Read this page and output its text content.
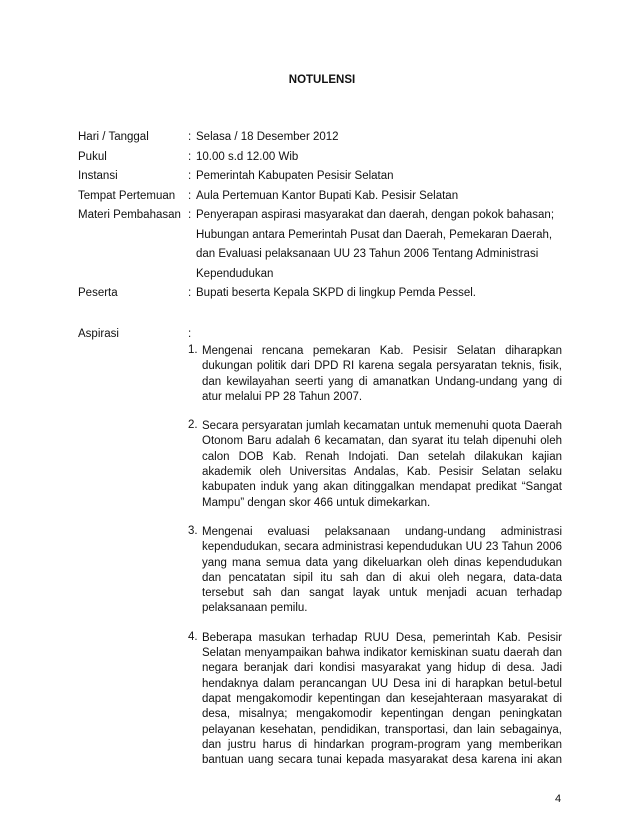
NOTULENSI
Hari / Tanggal	: Selasa / 18 Desember 2012
Pukul	: 10.00 s.d 12.00 Wib
Instansi	: Pemerintah Kabupaten Pesisir Selatan
Tempat Pertemuan : Aula Pertemuan Kantor Bupati Kab. Pesisir Selatan
Materi Pembahasan : Penyerapan aspirasi masyarakat dan daerah, dengan pokok bahasan;
Hubungan antara Pemerintah Pusat dan Daerah, Pemekaran Daerah,
dan Evaluasi pelaksanaan UU 23 Tahun 2006 Tentang Administrasi
Kependudukan
Peserta	: Bupati beserta Kepala SKPD di lingkup Pemda Pessel.
Aspirasi	:
1. Mengenai rencana pemekaran Kab. Pesisir Selatan diharapkan dukungan politik dari DPD RI karena segala persyaratan teknis, fisik, dan kewilayahan seerti yang di amanatkan Undang-undang yang di atur melalui PP 28 Tahun 2007.
2. Secara persyaratan jumlah kecamatan untuk memenuhi quota Daerah Otonom Baru adalah 6 kecamatan, dan syarat itu telah dipenuhi oleh calon DOB Kab. Renah Indojati. Dan setelah dilakukan kajian akademik oleh Universitas Andalas, Kab. Pesisir Selatan selaku kabupaten induk yang akan ditinggalkan mendapat predikat “Sangat Mampu” dengan skor 466 untuk dimekarkan.
3. Mengenai evaluasi pelaksanaan undang-undang administrasi kependudukan, secara administrasi kependudukan UU 23 Tahun 2006 yang mana semua data yang dikeluarkan oleh dinas kependudukan dan pencatatan sipil itu sah dan di akui oleh negara, data-data tersebut sah dan sangat layak untuk menjadi acuan terhadap pelaksanaan pemilu.
4. Beberapa masukan terhadap RUU Desa, pemerintah Kab. Pesisir Selatan menyampaikan bahwa indikator kemiskinan suatu daerah dan negara beranjak dari kondisi masyarakat yang hidup di desa. Jadi hendaknya dalam perancangan UU Desa ini di harapkan betul-betul dapat mengakomodir kepentingan dan kesejahteraan masyarakat di desa, misalnya; mengakomodir kepentingan dengan peningkatan pelayanan kesehatan, pendidikan, transportasi, dan lain sebagainya, dan justru harus di hindarkan program-program yang memberikan bantuan uang secara tunai kepada masyarakat desa karena ini akan
4
